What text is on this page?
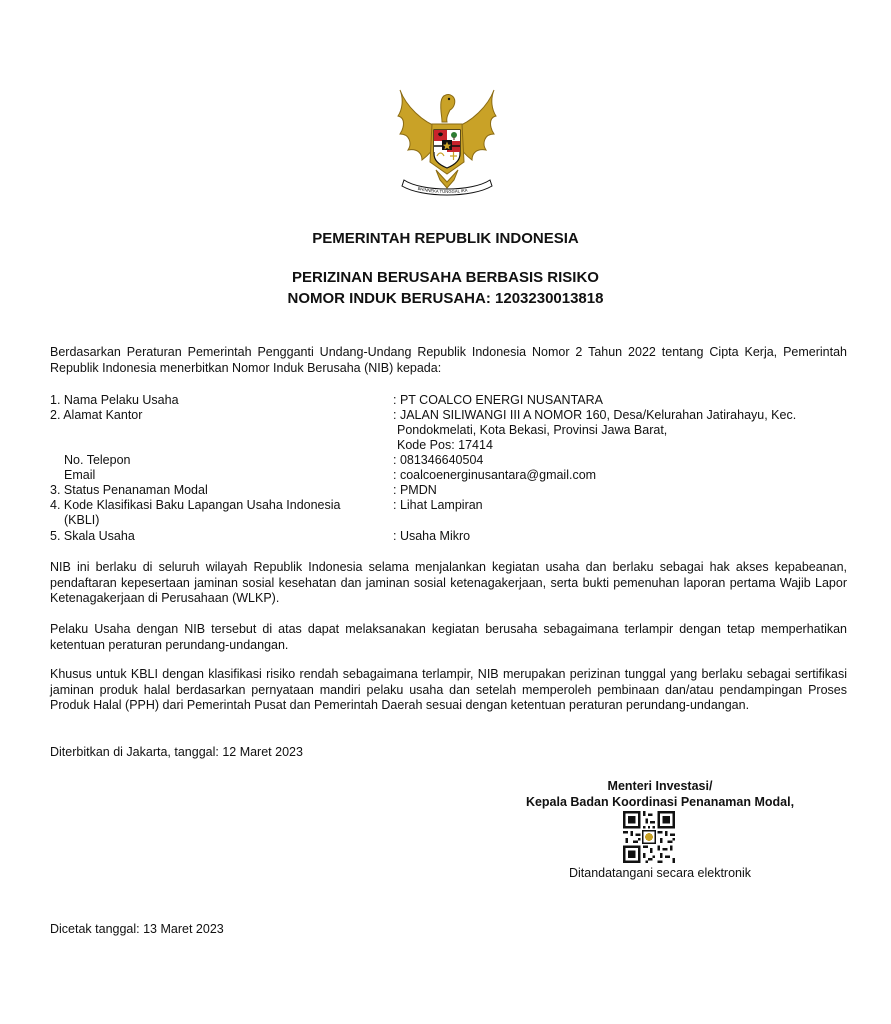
BHINNEKA TUNGGAL IKA
PEMERINTAH REPUBLIK INDONESIA
PERIZINAN BERUSAHA BERBASIS RISIKO
NOMOR INDUK BERUSAHA: 1203230013818

Berdasarkan Peraturan Pemerintah Pengganti Undang-Undang Republik Indonesia Nomor 2 Tahun 2022 tentang Cipta Kerja, Pemerintah Republik Indonesia menerbitkan Nomor Induk Berusaha (NIB) kepada:

1. Nama Pelaku Usaha	: PT COALCO ENERGI NUSANTARA
2. Alamat Kantor	: JALAN SILIWANGI III A NOMOR 160, Desa/Kelurahan Jatirahayu, Kec.
Pondokmelati, Kota Bekasi, Provinsi Jawa Barat,
Kode Pos: 17414
No. Telepon	: 081346640504
Email	: coalcoenerginusantara@gmail.com
3. Status Penanaman Modal	: PMDN
4. Kode Klasifikasi Baku Lapangan Usaha Indonesia	: Lihat Lampiran
(KBLI)
5. Skala Usaha	: Usaha Mikro

NIB ini berlaku di seluruh wilayah Republik Indonesia selama menjalankan kegiatan usaha dan berlaku sebagai hak akses kepabeanan, pendaftaran kepesertaan jaminan sosial kesehatan dan jaminan sosial ketenagakerjaan, serta bukti pemenuhan laporan pertama Wajib Lapor Ketenagakerjaan di Perusahaan (WLKP).

Pelaku Usaha dengan NIB tersebut di atas dapat melaksanakan kegiatan berusaha sebagaimana terlampir dengan tetap memperhatikan ketentuan peraturan perundang-undangan.

Khusus untuk KBLI dengan klasifikasi risiko rendah sebagaimana terlampir, NIB merupakan perizinan tunggal yang berlaku sebagai sertifikasi jaminan produk halal berdasarkan pernyataan mandiri pelaku usaha dan setelah memperoleh pembinaan dan/atau pendampingan Proses Produk Halal (PPH) dari Pemerintah Pusat dan Pemerintah Daerah sesuai dengan ketentuan peraturan perundang-undangan.

Diterbitkan di Jakarta, tanggal: 12 Maret 2023

Menteri Investasi/
Kepala Badan Koordinasi Penanaman Modal,
Ditandatangani secara elektronik

Dicetak tanggal: 13 Maret 2023
